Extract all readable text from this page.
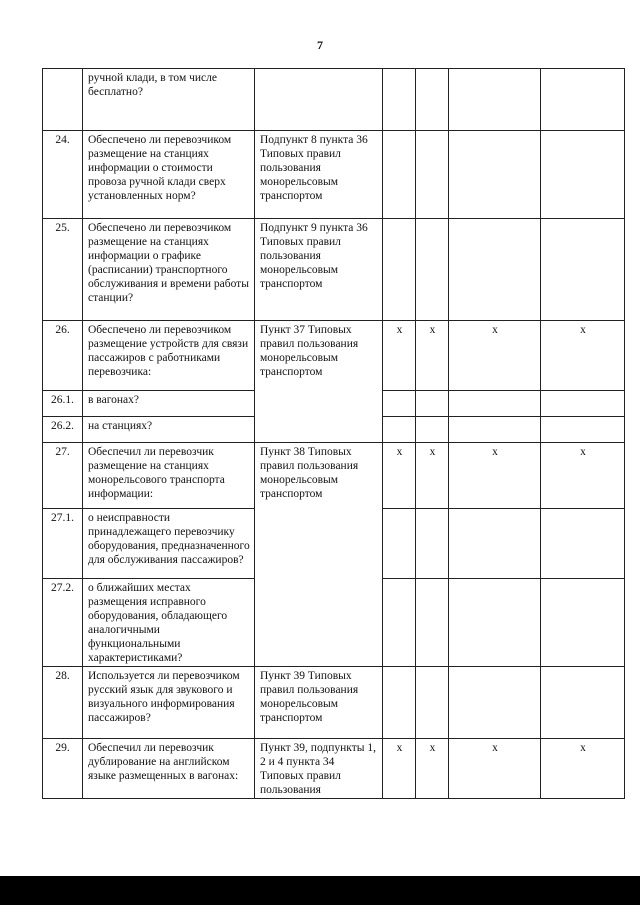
7
	ручной клади, в том числе бесплатно?					
24.	Обеспечено ли перевозчиком размещение на станциях информации о стоимости провоза ручной клади сверх установленных норм?	Подпункт 8 пункта 36 Типовых правил пользования монорельсовым транспортом				
25.	Обеспечено ли перевозчиком размещение на станциях информации о графике (расписании) транспортного обслуживания и времени работы станции?	Подпункт 9 пункта 36 Типовых правил пользования монорельсовым транспортом				
26.	Обеспечено ли перевозчиком размещение устройств для связи пассажиров с работниками перевозчика:	Пункт 37 Типовых правил пользования монорельсовым транспортом	x	x	x	x
26.1.	в вагонах?					
26.2.	на станциях?					
27.	Обеспечил ли перевозчик размещение на станциях монорельсового транспорта информации:	Пункт 38 Типовых правил пользования монорельсовым транспортом	x	x	x	x
27.1.	о неисправности принадлежащего перевозчику оборудования, предназначенного для обслуживания пассажиров?					
27.2.	о ближайших местах размещения исправного оборудования, обладающего аналогичными функциональными характеристиками?					
28.	Используется ли перевозчиком русский язык для звукового и визуального информирования пассажиров?	Пункт 39 Типовых правил пользования монорельсовым транспортом				
29.	Обеспечил ли перевозчик дублирование на английском языке размещенных в вагонах:	Пункт 39, подпункты 1, 2 и 4 пункта 34 Типовых правил пользования	x	x	x	x
